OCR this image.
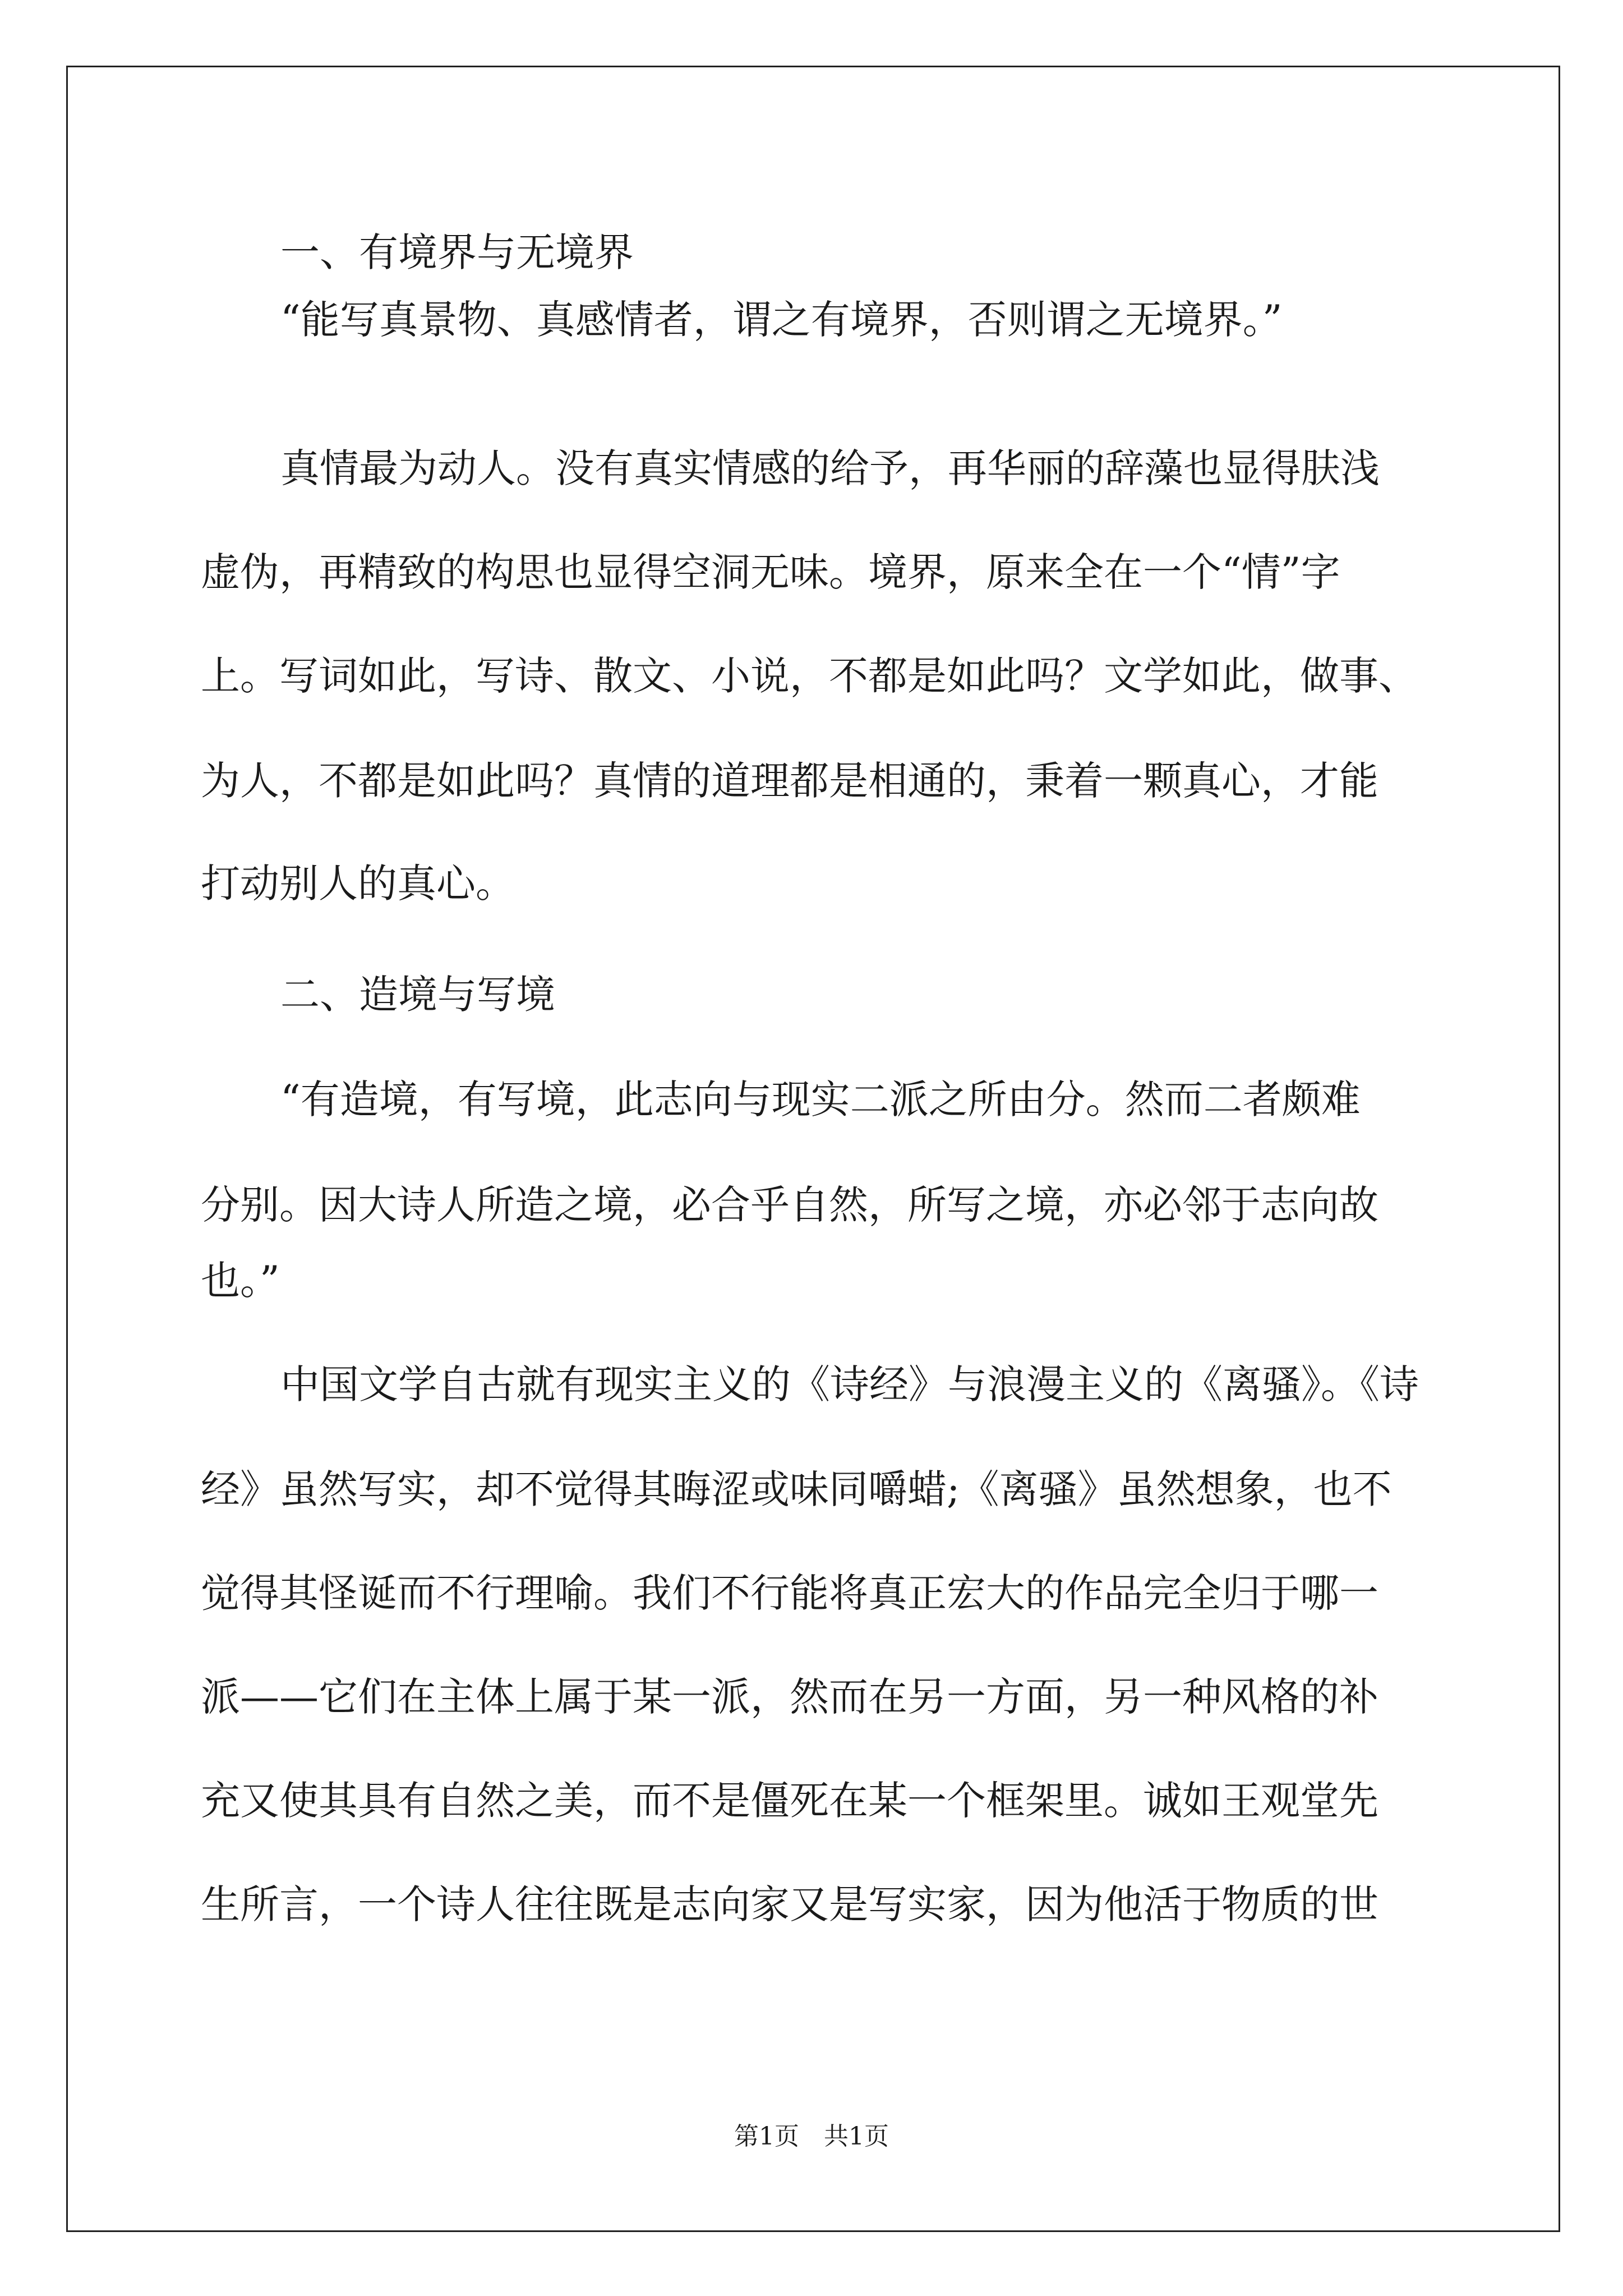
一、有境界与无境界
“能写真景物、真感情者，谓之有境界，否则谓之无境界。”
真情最为动人。没有真实情感的给予，再华丽的辞藻也显得肤浅
虚伪，再精致的构思也显得空洞无味。境界，原来全在一个“情”字
上。写词如此，写诗、散文、小说，不都是如此吗？文学如此，做事、
为人，不都是如此吗？真情的道理都是相通的，秉着一颗真心，才能
打动别人的真心。
二、造境与写境
“有造境，有写境，此志向与现实二派之所由分。然而二者颇难
分别。因大诗人所造之境，必合乎自然，所写之境，亦必邻于志向故
也。”
中国文学自古就有现实主义的《诗经》与浪漫主义的《离骚》。《诗
经》虽然写实，却不觉得其晦涩或味同嚼蜡;《离骚》虽然想象，也不
觉得其怪诞而不行理喻。我们不行能将真正宏大的作品完全归于哪一
派——它们在主体上属于某一派，然而在另一方面，另一种风格的补
充又使其具有自然之美，而不是僵死在某一个框架里。诚如王观堂先
生所言，一个诗人往往既是志向家又是写实家，因为他活于物质的世
第1页　共1页
